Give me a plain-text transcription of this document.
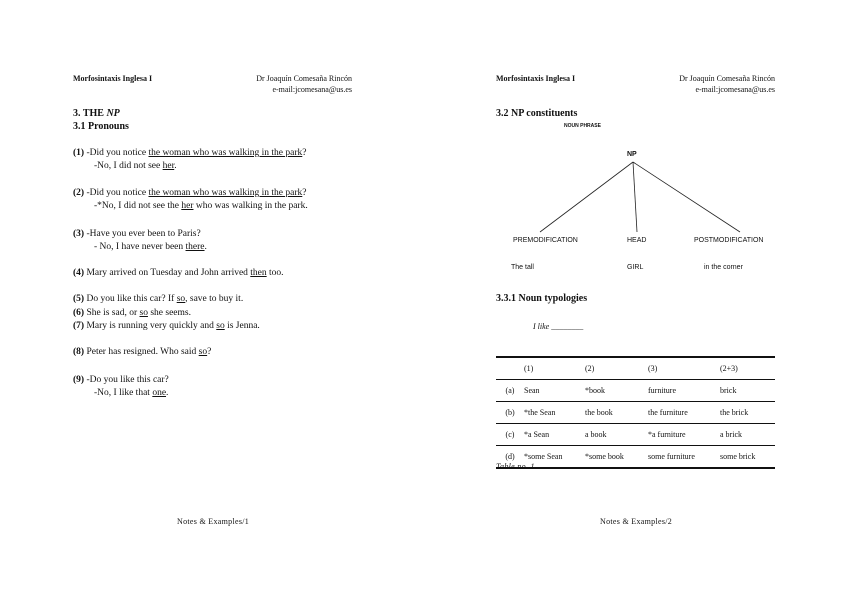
Morfosintaxis Inglesa I	Dr Joaquín Comesaña Rincón
e-mail:jcomesana@us.es
3. THE NP
3.1 Pronouns
(1) -Did you notice the woman who was walking in the park?
-No, I did not see her.
(2) -Did you notice the woman who was walking in the park?
-*No, I did not see the her who was walking in the park.
(3) -Have you ever been to Paris?
- No, I have never been there.
(4) Mary arrived on Tuesday and John arrived then too.
(5) Do you like this car? If so, save to buy it.
(6) She is sad, or so she seems.
(7) Mary is running very quickly and so is Jenna.
(8) Peter has resigned. Who said so?
(9) -Do you like this car?
-No, I like that one.
Notes & Examples/1
Morfosintaxis Inglesa I	Dr Joaquín Comesaña Rincón
e-mail:jcomesana@us.es
3.2 NP constituents
NOUN PHRASE
NP
PREMODIFICATION	HEAD	POSTMODIFICATION
The tall	GIRL	in the corner
3.3.1 Noun typologies
I like ________
	(1)	(2)	(3)	(2+3)
(a)	Sean	*book	furniture	brick
(b)	*the Sean	the book	the furniture	the brick
(c)	*a Sean	a book	*a furniture	a brick
(d)	*some Sean	*some book	some furniture	some brick
Table no. 1
Notes & Examples/2
